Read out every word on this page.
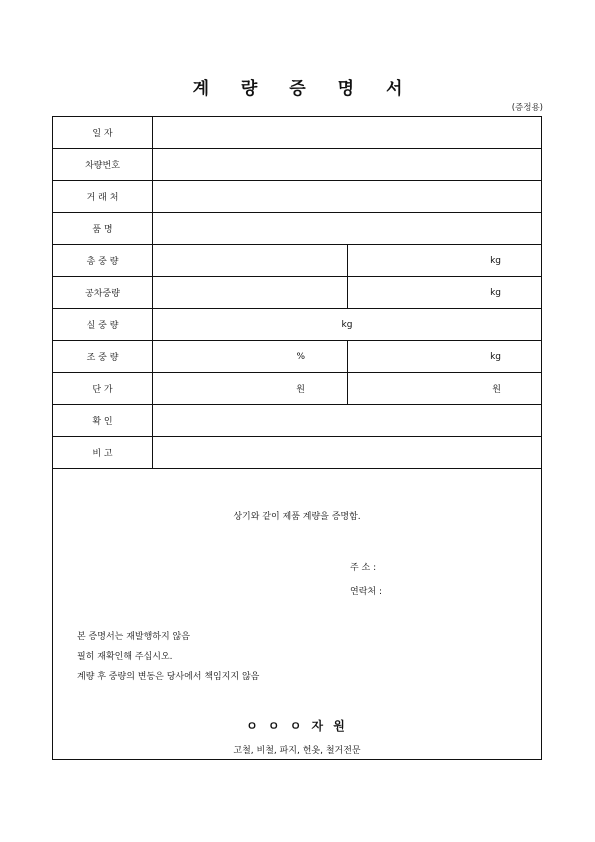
계 량 증 명 서
(증정용)
일 자
차량번호
거 래 처
품 명
총 중 량	kg
공차중량	kg
실 중 량	kg
조 중 량	%	kg
단 가	원	원
확 인
비 고
상기와 같이 제품 계량을 증명함.
주 소 :
연락처 :
본 증명서는 재발행하지 않음
필히 재확인해 주십시오.
계량 후 중량의 변동은 당사에서 책임지지 않음
ㅇ ㅇ ㅇ 자 원
고철, 비철, 파지, 헌옷, 철거전문
